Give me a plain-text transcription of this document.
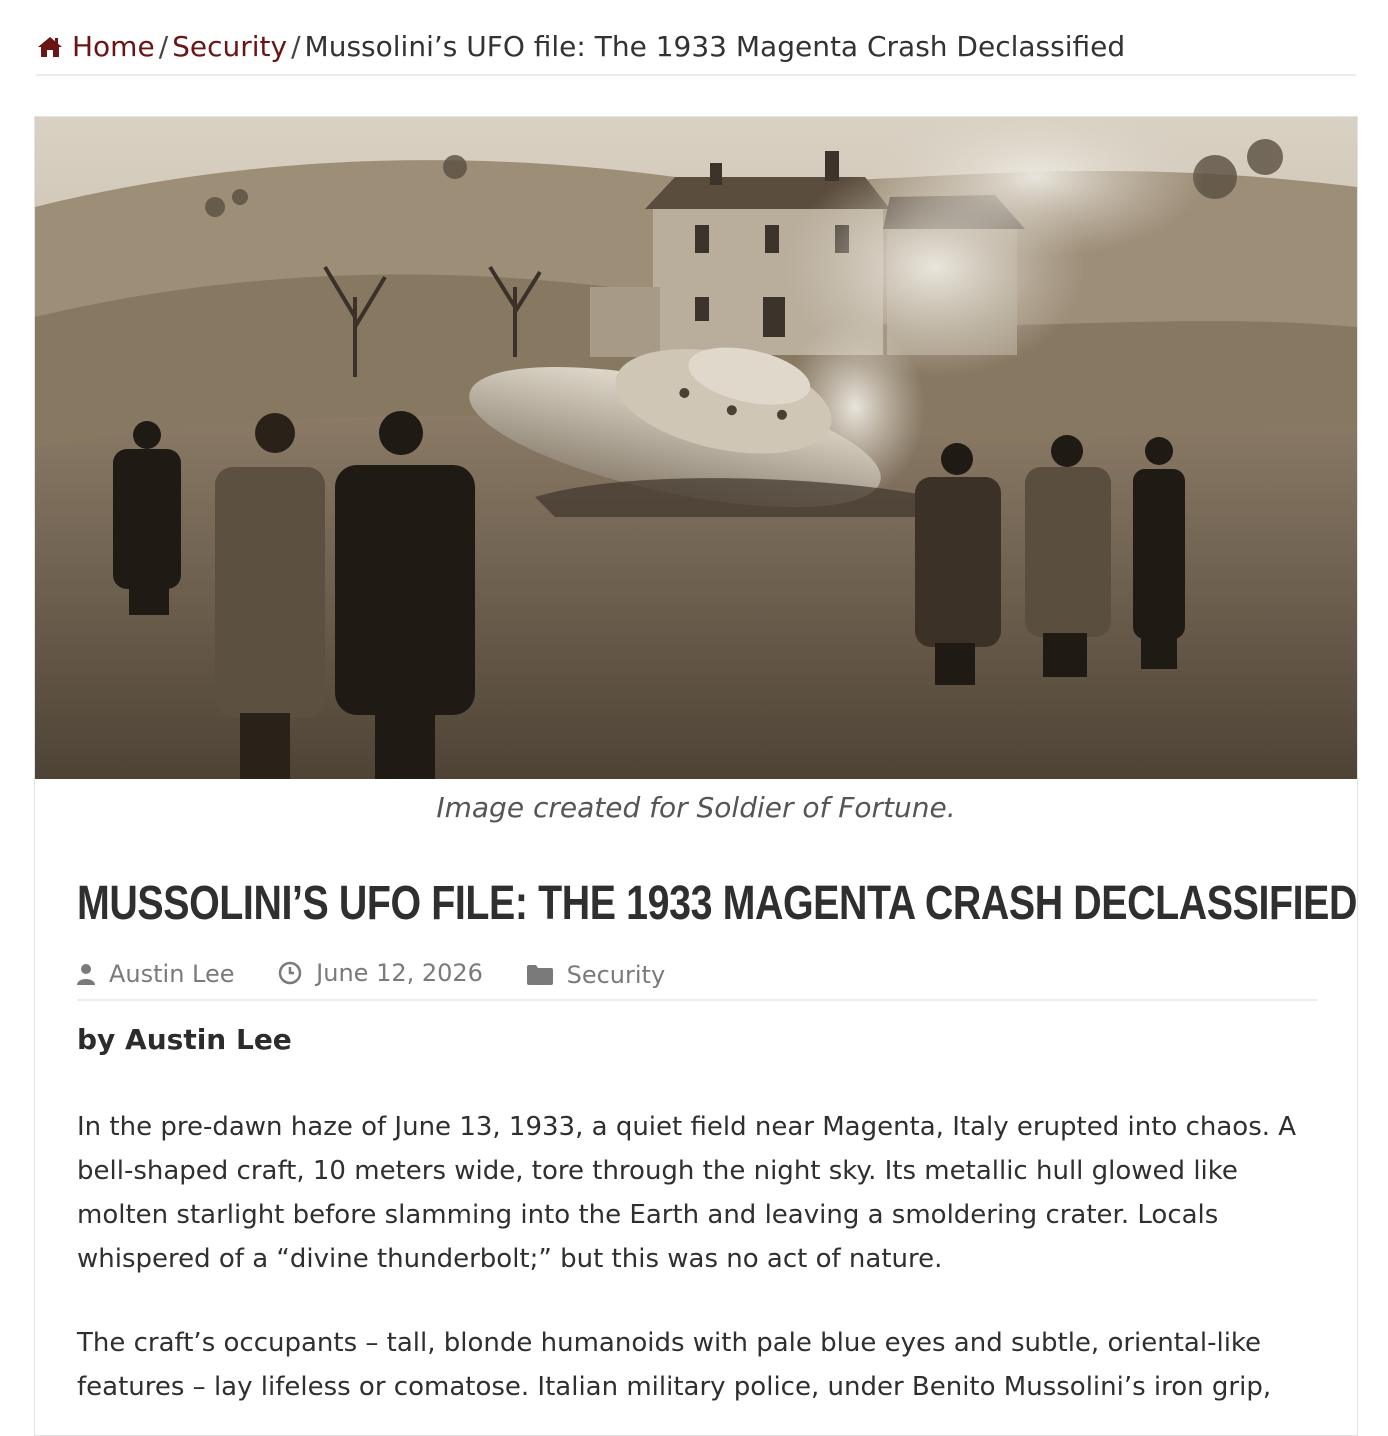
Home / Security / Mussolini’s UFO file: The 1933 Magenta Crash Declassified
Image created for Soldier of Fortune.
MUSSOLINI’S UFO FILE: THE 1933 MAGENTA CRASH DECLASSIFIED
Austin Lee
	June 12, 2026
	Security

by Austin Lee

In the pre-dawn haze of June 13, 1933, a quiet field near Magenta, Italy erupted into chaos. A bell-shaped craft, 10 meters wide, tore through the night sky. Its metallic hull glowed like molten starlight before slamming into the Earth and leaving a smoldering crater. Locals whispered of a “divine thunderbolt;” but this was no act of nature.

The craft’s occupants – tall, blonde humanoids with pale blue eyes and subtle, oriental-like features – lay lifeless or comatose. Italian military police, under Benito Mussolini’s iron grip,
